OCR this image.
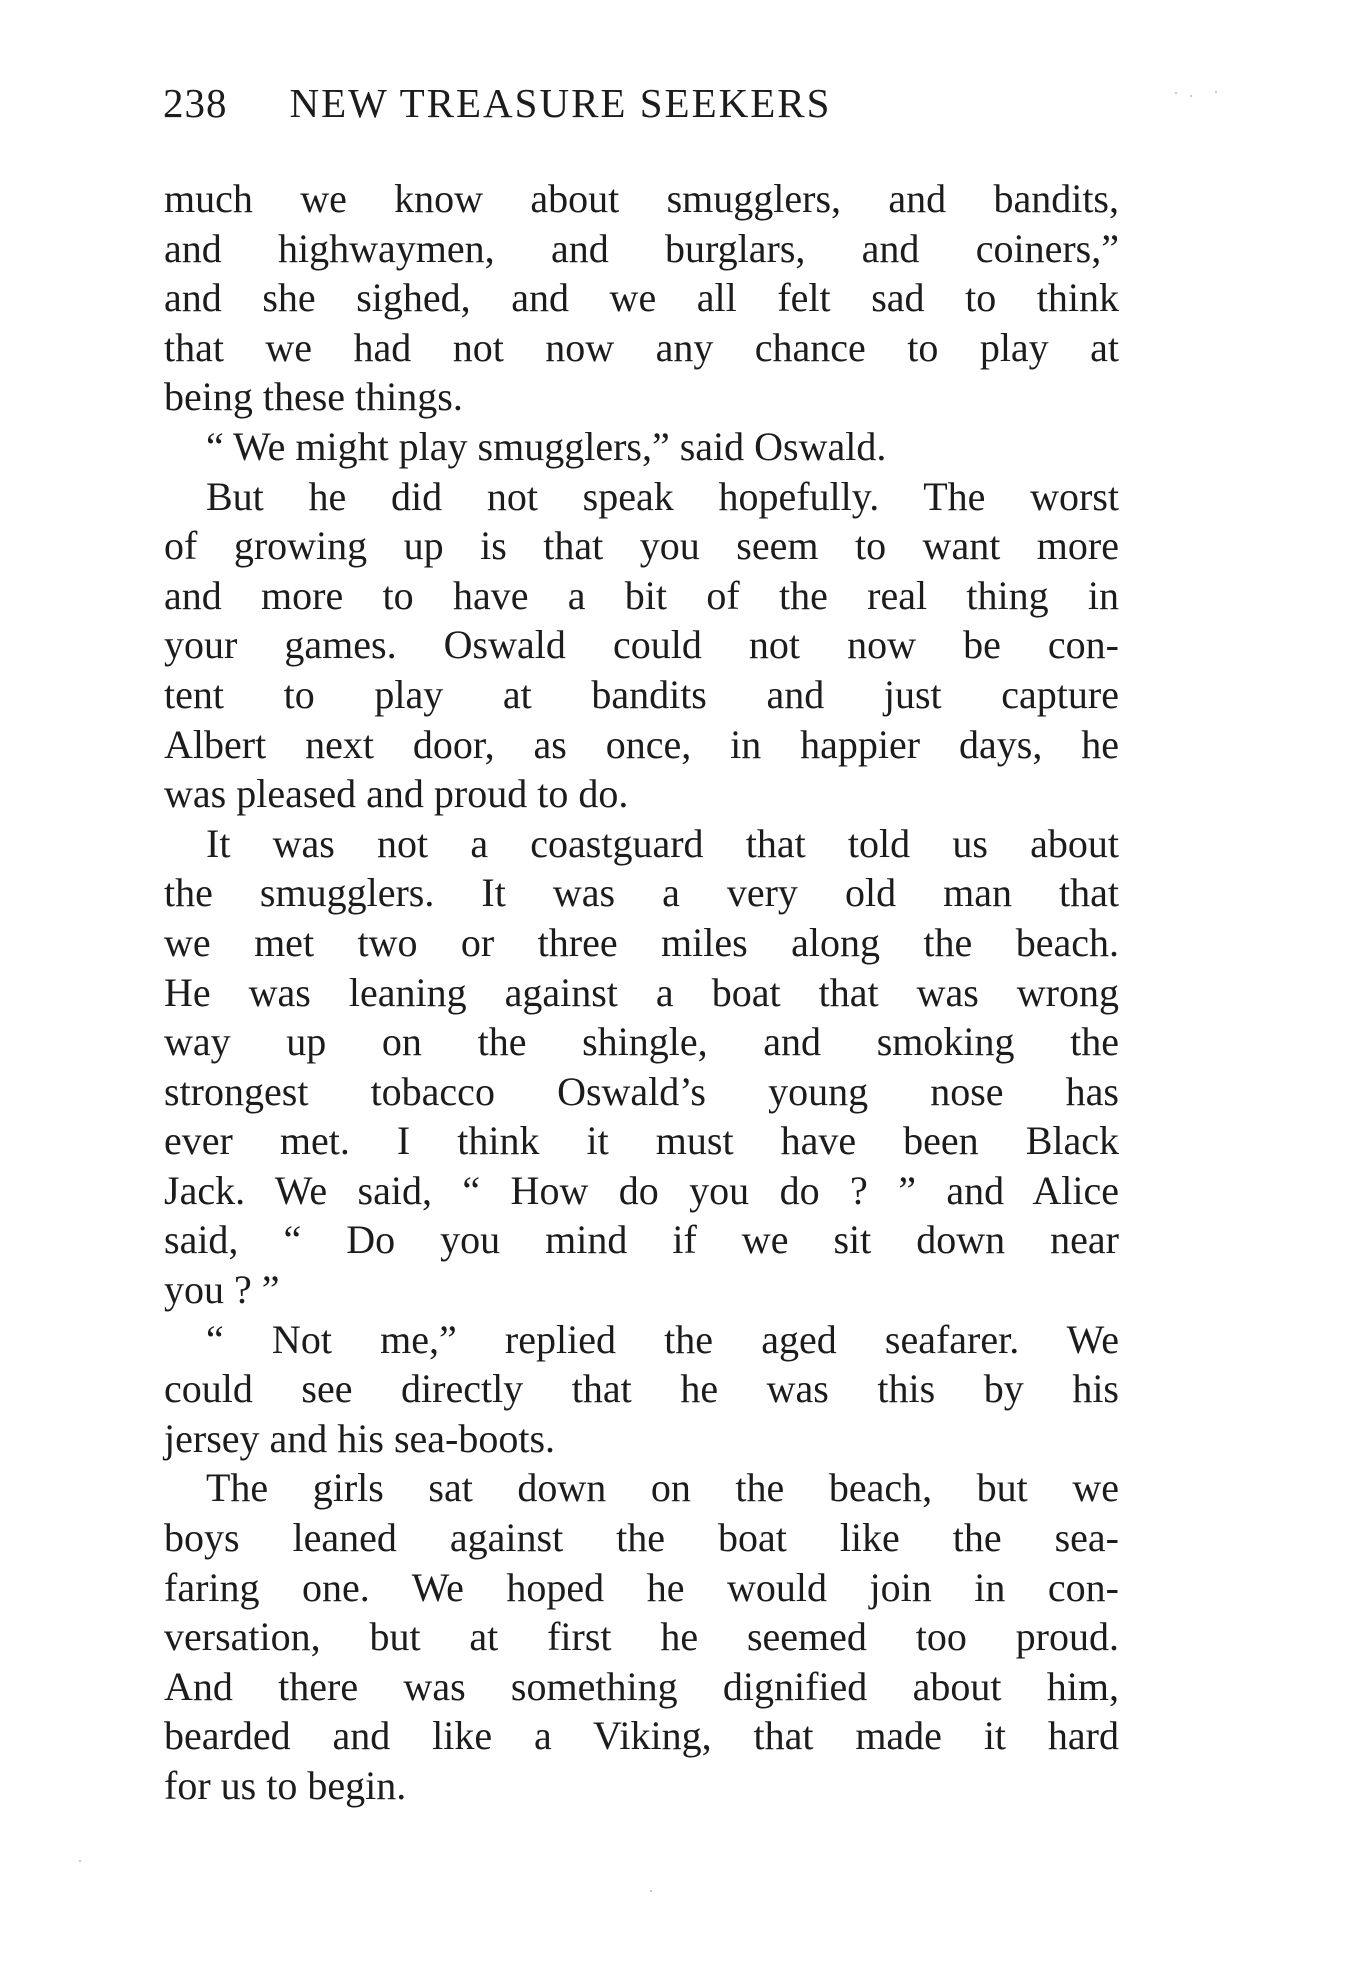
238 NEW TREASURE SEEKERS
much we know about smugglers, and bandits,
and highwaymen, and burglars, and coiners,”
and she sighed, and we all felt sad to think
that we had not now any chance to play at
being these things.
“ We might play smugglers,” said Oswald.
But he did not speak hopefully. The worst
of growing up is that you seem to want more
and more to have a bit of the real thing in
your games. Oswald could not now be con-
tent to play at bandits and just capture
Albert next door, as once, in happier days, he
was pleased and proud to do.
It was not a coastguard that told us about
the smugglers. It was a very old man that
we met two or three miles along the beach.
He was leaning against a boat that was wrong
way up on the shingle, and smoking the
strongest tobacco Oswald’s young nose has
ever met. I think it must have been Black
Jack. We said, “ How do you do ? ” and Alice
said, “ Do you mind if we sit down near
you ? ”
“ Not me,” replied the aged seafarer. We
could see directly that he was this by his
jersey and his sea-boots.
The girls sat down on the beach, but we
boys leaned against the boat like the sea-
faring one. We hoped he would join in con-
versation, but at first he seemed too proud.
And there was something dignified about him,
bearded and like a Viking, that made it hard
for us to begin.
